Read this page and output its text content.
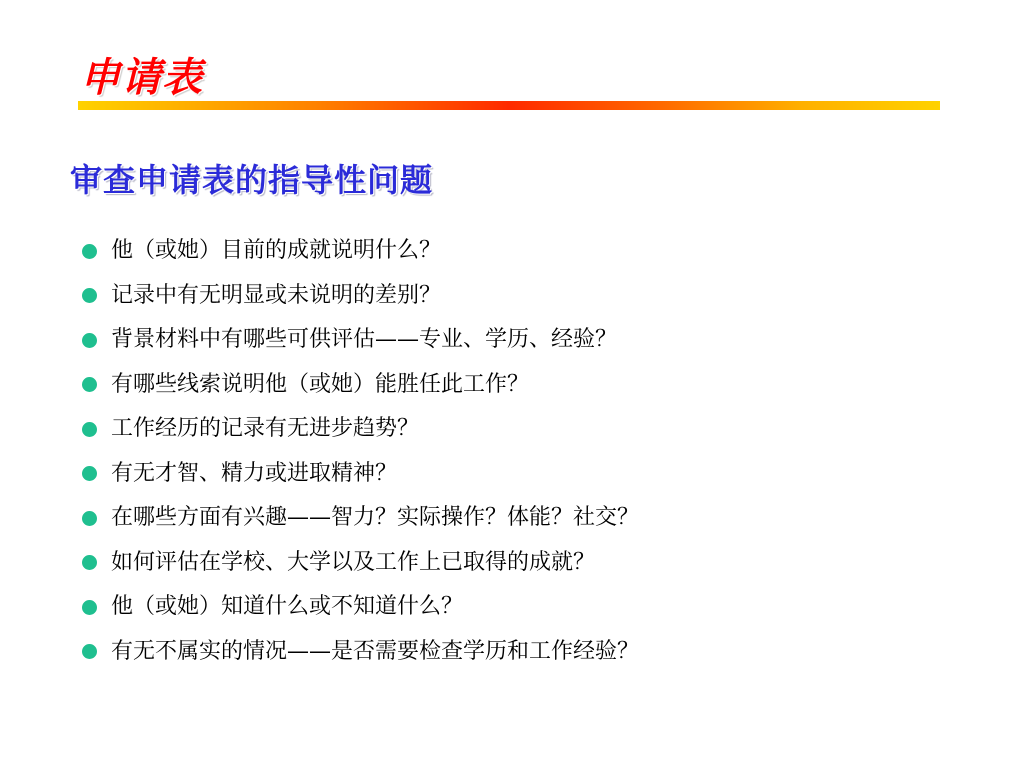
申请表
审查申请表的指导性问题
他（或她）目前的成就说明什么？
记录中有无明显或未说明的差别？
背景材料中有哪些可供评估——专业、学历、经验？
有哪些线索说明他（或她）能胜任此工作？
工作经历的记录有无进步趋势？
有无才智、精力或进取精神？
在哪些方面有兴趣——智力？实际操作？体能？社交？
如何评估在学校、大学以及工作上已取得的成就？
他（或她）知道什么或不知道什么？
有无不属实的情况——是否需要检查学历和工作经验？
